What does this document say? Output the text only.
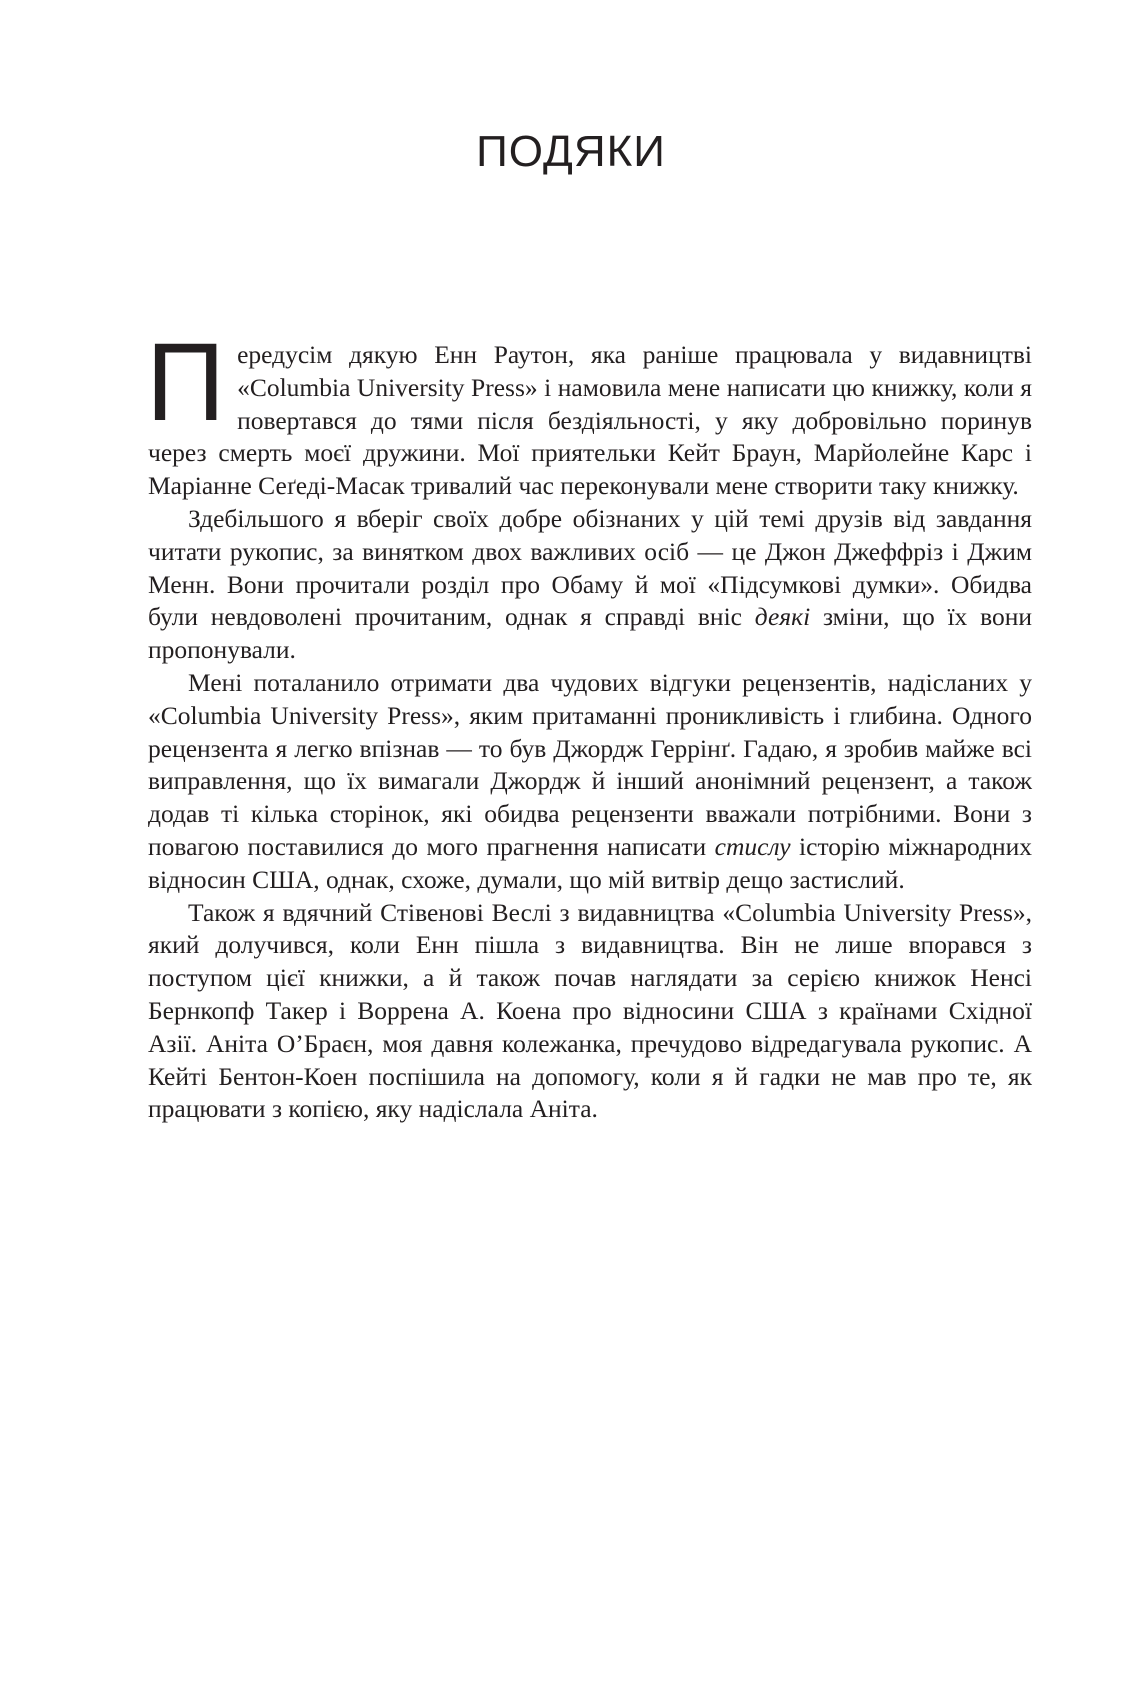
ПОДЯКИ

Передусім дякую Енн Раутон, яка раніше працювала у видавництві «Columbia University Press» і намовила мене написати цю книжку, коли я повертався до тями після бездіяльності, у яку добровільно поринув через смерть моєї дружини. Мої приятельки Кейт Браун, Марйолейне Карс і Маріанне Сеґеді-Масак тривалий час переконували мене створити таку книжку.

Здебільшого я вберіг своїх добре обізнаних у цій темі друзів від завдання читати рукопис, за винятком двох важливих осіб — це Джон Джеффріз і Джим Менн. Вони прочитали розділ про Обаму й мої «Підсумкові думки». Обидва були невдоволені прочитаним, однак я справді вніс деякі зміни, що їх вони пропонували.

Мені поталанило отримати два чудових відгуки рецензентів, надісланих у «Columbia University Press», яким притаманні проникливість і глибина. Одного рецензента я легко впізнав — то був Джордж Геррінґ. Гадаю, я зробив майже всі виправлення, що їх вимагали Джордж й інший анонімний рецензент, а також додав ті кілька сторінок, які обидва рецензенти вважали потрібними. Вони з повагою поставилися до мого прагнення написати стислу історію міжнародних відносин США, однак, схоже, думали, що мій витвір дещо застислий.

Також я вдячний Стівенові Веслі з видавництва «Columbia University Press», який долучився, коли Енн пішла з видавництва. Він не лише впорався з поступом цієї книжки, а й також почав наглядати за серією книжок Ненсі Бернкопф Такер і Воррена А. Коена про відносини США з країнами Східної Азії. Аніта О’Браєн, моя давня колежанка, пречудово відредагувала рукопис. А Кейті Бентон-Коен поспішила на допомогу, коли я й гадки не мав про те, як працювати з копією, яку надіслала Аніта.
